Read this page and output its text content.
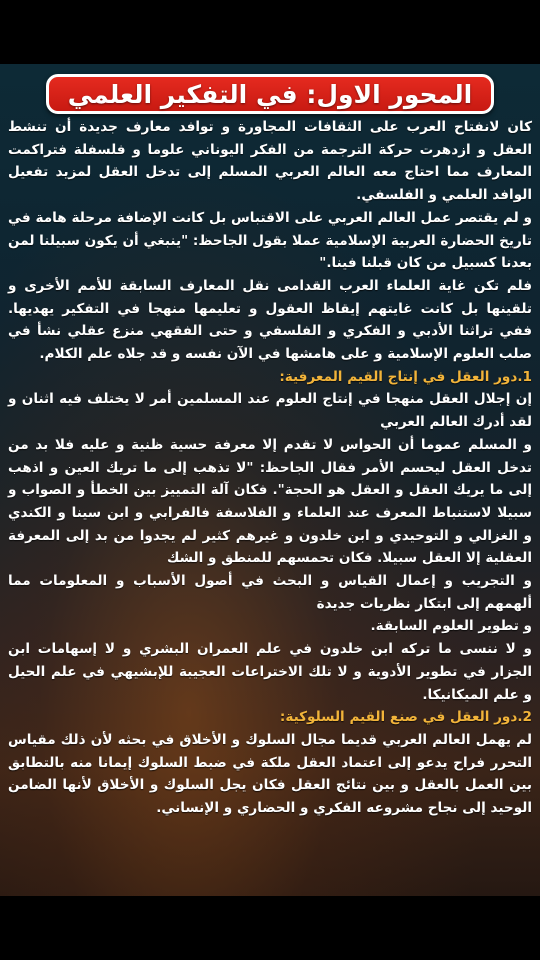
المحور الاول: في التفكير العلمي

كان لانفتاح العرب على الثقافات المجاورة و توافد معارف جديدة أن تنشط العقل و ازدهرت حركة الترجمة من الفكر اليوناني علوما و فلسفلة فتراكمت المعارف مما احتاج معه العالم العربي المسلم إلى تدخل العقل لمزيد تفعيل الوافد العلمي و الفلسفي.

و لم يقتصر عمل العالم العربي على الاقتباس بل كانت الإضافة مرحلة هامة في تاريخ الحضارة العربية الإسلامية عملا بقول الجاحظ: "ينبغي أن يكون سبيلنا لمن بعدنا كسبيل من كان قبلنا فينا."

فلم تكن غاية العلماء العرب القدامى نقل المعارف السابقة للأمم الأخرى و تلقينها بل كانت غايتهم إيقاظ العقول و تعليمها منهجا في التفكير يهديها. ففي تراثنا الأدبي و الفكري و الفلسفي و حتى الفقهي منزع عقلي نشأ في صلب العلوم الإسلامية و على هامشها في الآن نفسه و قد جلاه علم الكلام.

1.دور العقل في إنتاج القيم المعرفية:

إن إجلال العقل منهجا في إنتاج العلوم عند المسلمين أمر لا يختلف فيه اثنان و لقد أدرك العالم العربي

و المسلم عموما أن الحواس لا تقدم إلا معرفة حسية ظنية و عليه فلا بد من تدخل العقل ليحسم الأمر فقال الجاحظ: "لا تذهب إلى ما تريك العين و اذهب إلى ما يريك العقل و العقل هو الحجة". فكان آلة التمييز بين الخطأ و الصواب و سبيلا لاستنباط المعرف عند العلماء و الفلاسفة فالفرابي و ابن سينا و الكندي و الغزالي و التوحيدي و ابن خلدون و غيرهم كثير لم يجدوا من بد إلى المعرفة العقلية إلا العقل سبيلا. فكان تحمسهم للمنطق و الشك

و التجريب و إعمال القياس و البحث في أصول الأسباب و المعلومات مما ألهمهم إلى ابتكار نظريات جديدة

و تطوير العلوم السابقة.

و لا ننسى ما تركه ابن خلدون في علم العمران البشري و لا إسهامات ابن الجزار في تطوير الأدوية و لا تلك الاختراعات العجيبة للإبشيهي في علم الحيل و علم الميكانيكا.

2.دور العقل في صنع القيم السلوكية:

لم يهمل العالم العربي قديما مجال السلوك و الأخلاق في بحثه لأن ذلك مقياس التحرر فراح يدعو إلى اعتماد العقل ملكة في ضبط السلوك إيمانا منه بالتطابق بين العمل بالعقل و بين نتائج العقل فكان يجل السلوك و الأخلاق لأنها الضامن الوحيد إلى نجاح مشروعه الفكري و الحضاري و الإنساني.
